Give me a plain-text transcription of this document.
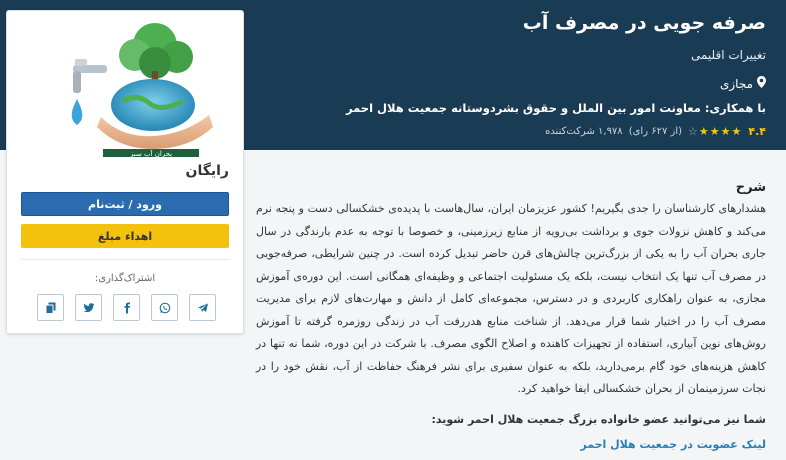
صرفه جویی در مصرف آب
تغییرات اقلیمی
مجازی
با همکاری: معاونت امور بین الملل و حقوق بشردوستانه جمعیت هلال احمر
۴.۴
★★★★☆
(از ۶۲۷ رای)
۱,۹۷۸ شرکت‌کننده
بحران آب سبز
رایگان
ورود / ثبت‌نام
اهداء مبلغ
اشتراک‌گذاری:
شرح

هشدارهای کارشناسان را جدی بگیریم! کشور عزیزمان ایران، سال‌هاست با پدیده‌ی خشکسالی دست و پنجه نرم می‌کند و کاهش نزولات جوی و برداشت بی‌رویه از منابع زیرزمینی، و خصوصا با توجه به عدم بارندگی در سال جاری بحران آب را به یکی از بزرگ‌ترین چالش‌های قرن حاضر تبدیل کرده است. در چنین شرایطی، صرفه‌جویی در مصرف آب تنها یک انتخاب نیست، بلکه یک مسئولیت اجتماعی و وظیفه‌ای همگانی است. این دوره‌ی آموزش مجازی، به عنوان راهکاری کاربردی و در دسترس، مجموعه‌ای کامل از دانش و مهارت‌های لازم برای مدیریت مصرف آب را در اختیار شما قرار می‌دهد. از شناخت منابع هدررفت آب در زندگی روزمره گرفته تا آموزش روش‌های نوین آبیاری، استفاده از تجهیزات کاهنده و اصلاح الگوی مصرف. با شرکت در این دوره، شما نه تنها در کاهش هزینه‌های خود گام برمی‌دارید، بلکه به عنوان سفیری برای نشر فرهنگ حفاظت از آب، نقش خود را در نجات سرزمینمان از بحران خشکسالی ایفا خواهید کرد.

شما نیز می‌توانید عضو خانواده بزرگ جمعیت هلال احمر شوید:
لینک عضویت در جمعیت هلال احمر
